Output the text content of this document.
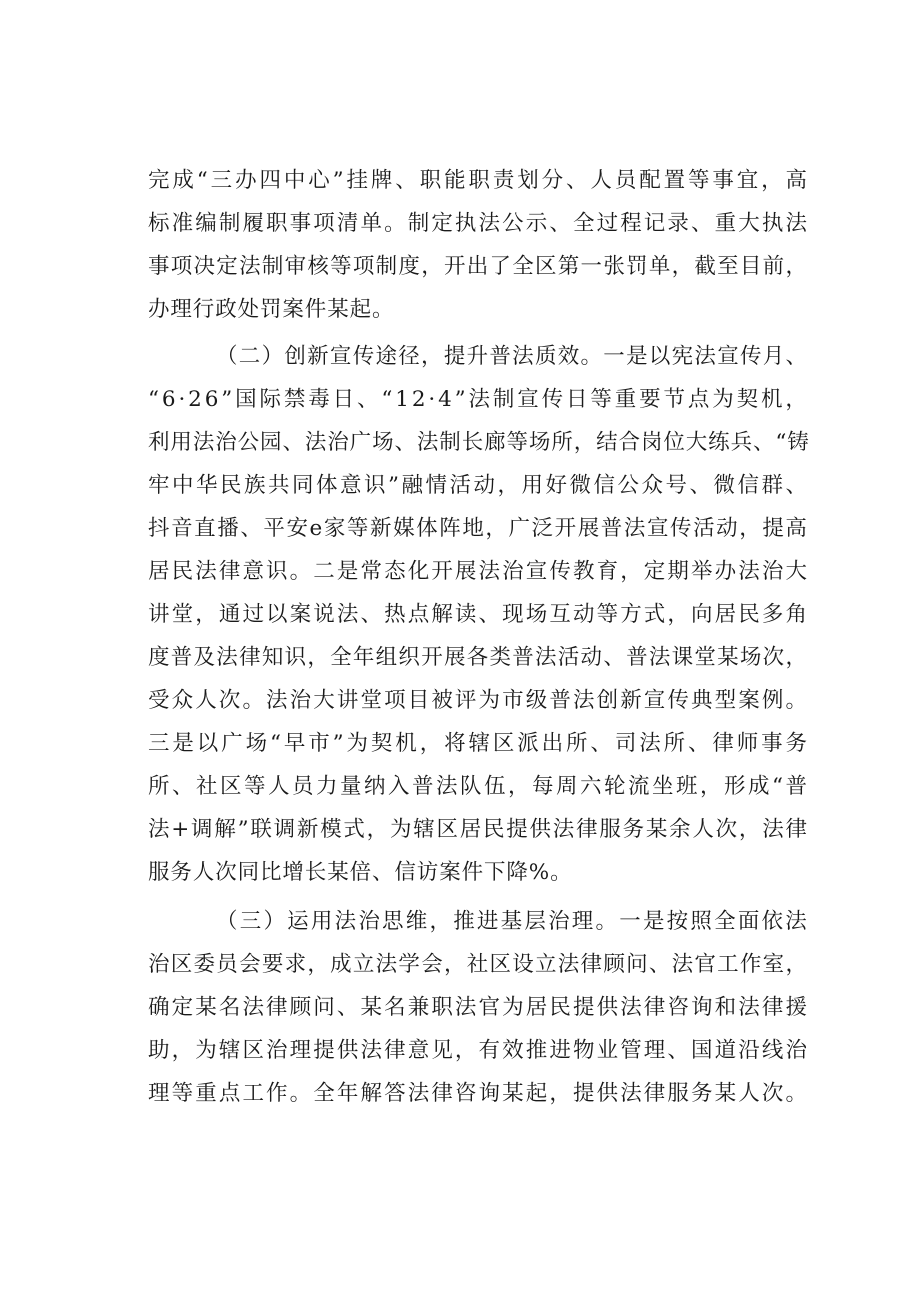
完 成 “ 三 办 四 中 心 ” 挂 牌 、 职 能 职 责 划 分 、 人 员 配 置 等 事 宜 ， 高
标 准 编 制 履 职 事 项 清 单 。 制 定 执 法 公 示 、 全 过 程 记 录 、 重 大 执 法
事 项 决 定 法 制 审 核 等 项 制 度 ， 开 出 了 全 区 第 一 张 罚 单 ， 截 至 目 前 ，
办理行政处罚案件某起。
（ 二 ） 创 新 宣 传 途 径 ， 提 升 普 法 质 效 。 一 是 以 宪 法 宣 传 月 、
“ 6 · 2 6 ” 国 际 禁 毒 日 、 “ 1 2 · 4 ” 法 制 宣 传 日 等 重 要 节 点 为 契 机 ，
利 用 法 治 公 园 、 法 治 广 场 、 法 制 长 廊 等 场 所 ， 结 合 岗 位 大 练 兵 、 “ 铸
牢 中 华 民 族 共 同 体 意 识 ” 融 情 活 动 ， 用 好 微 信 公 众 号 、 微 信 群 、
抖 音 直 播 、 平 安 e 家 等 新 媒 体 阵 地 ， 广 泛 开 展 普 法 宣 传 活 动 ， 提 高
居 民 法 律 意 识 。 二 是 常 态 化 开 展 法 治 宣 传 教 育 ， 定 期 举 办 法 治 大
讲 堂 ， 通 过 以 案 说 法 、 热 点 解 读 、 现 场 互 动 等 方 式 ， 向 居 民 多 角
度 普 及 法 律 知 识 ， 全 年 组 织 开 展 各 类 普 法 活 动 、 普 法 课 堂 某 场 次 ，
受 众 人 次 。 法 治 大 讲 堂 项 目 被 评 为 市 级 普 法 创 新 宣 传 典 型 案 例 。
三 是 以 广 场 “ 早 市 ” 为 契 机 ， 将 辖 区 派 出 所 、 司 法 所 、 律 师 事 务
所 、 社 区 等 人 员 力 量 纳 入 普 法 队 伍 ， 每 周 六 轮 流 坐 班 ， 形 成 “ 普
法 + 调 解 ” 联 调 新 模 式 ， 为 辖 区 居 民 提 供 法 律 服 务 某 余 人 次 ， 法 律
服务人次同比增长某倍、信访案件下降%。
（ 三 ） 运 用 法 治 思 维 ， 推 进 基 层 治 理 。 一 是 按 照 全 面 依 法
治 区 委 员 会 要 求 ， 成 立 法 学 会 ， 社 区 设 立 法 律 顾 问 、 法 官 工 作 室 ，
确 定 某 名 法 律 顾 问 、 某 名 兼 职 法 官 为 居 民 提 供 法 律 咨 询 和 法 律 援
助 ， 为 辖 区 治 理 提 供 法 律 意 见 ， 有 效 推 进 物 业 管 理 、 国 道 沿 线 治
理 等 重 点 工 作 。 全 年 解 答 法 律 咨 询 某 起 ， 提 供 法 律 服 务 某 人 次 。
